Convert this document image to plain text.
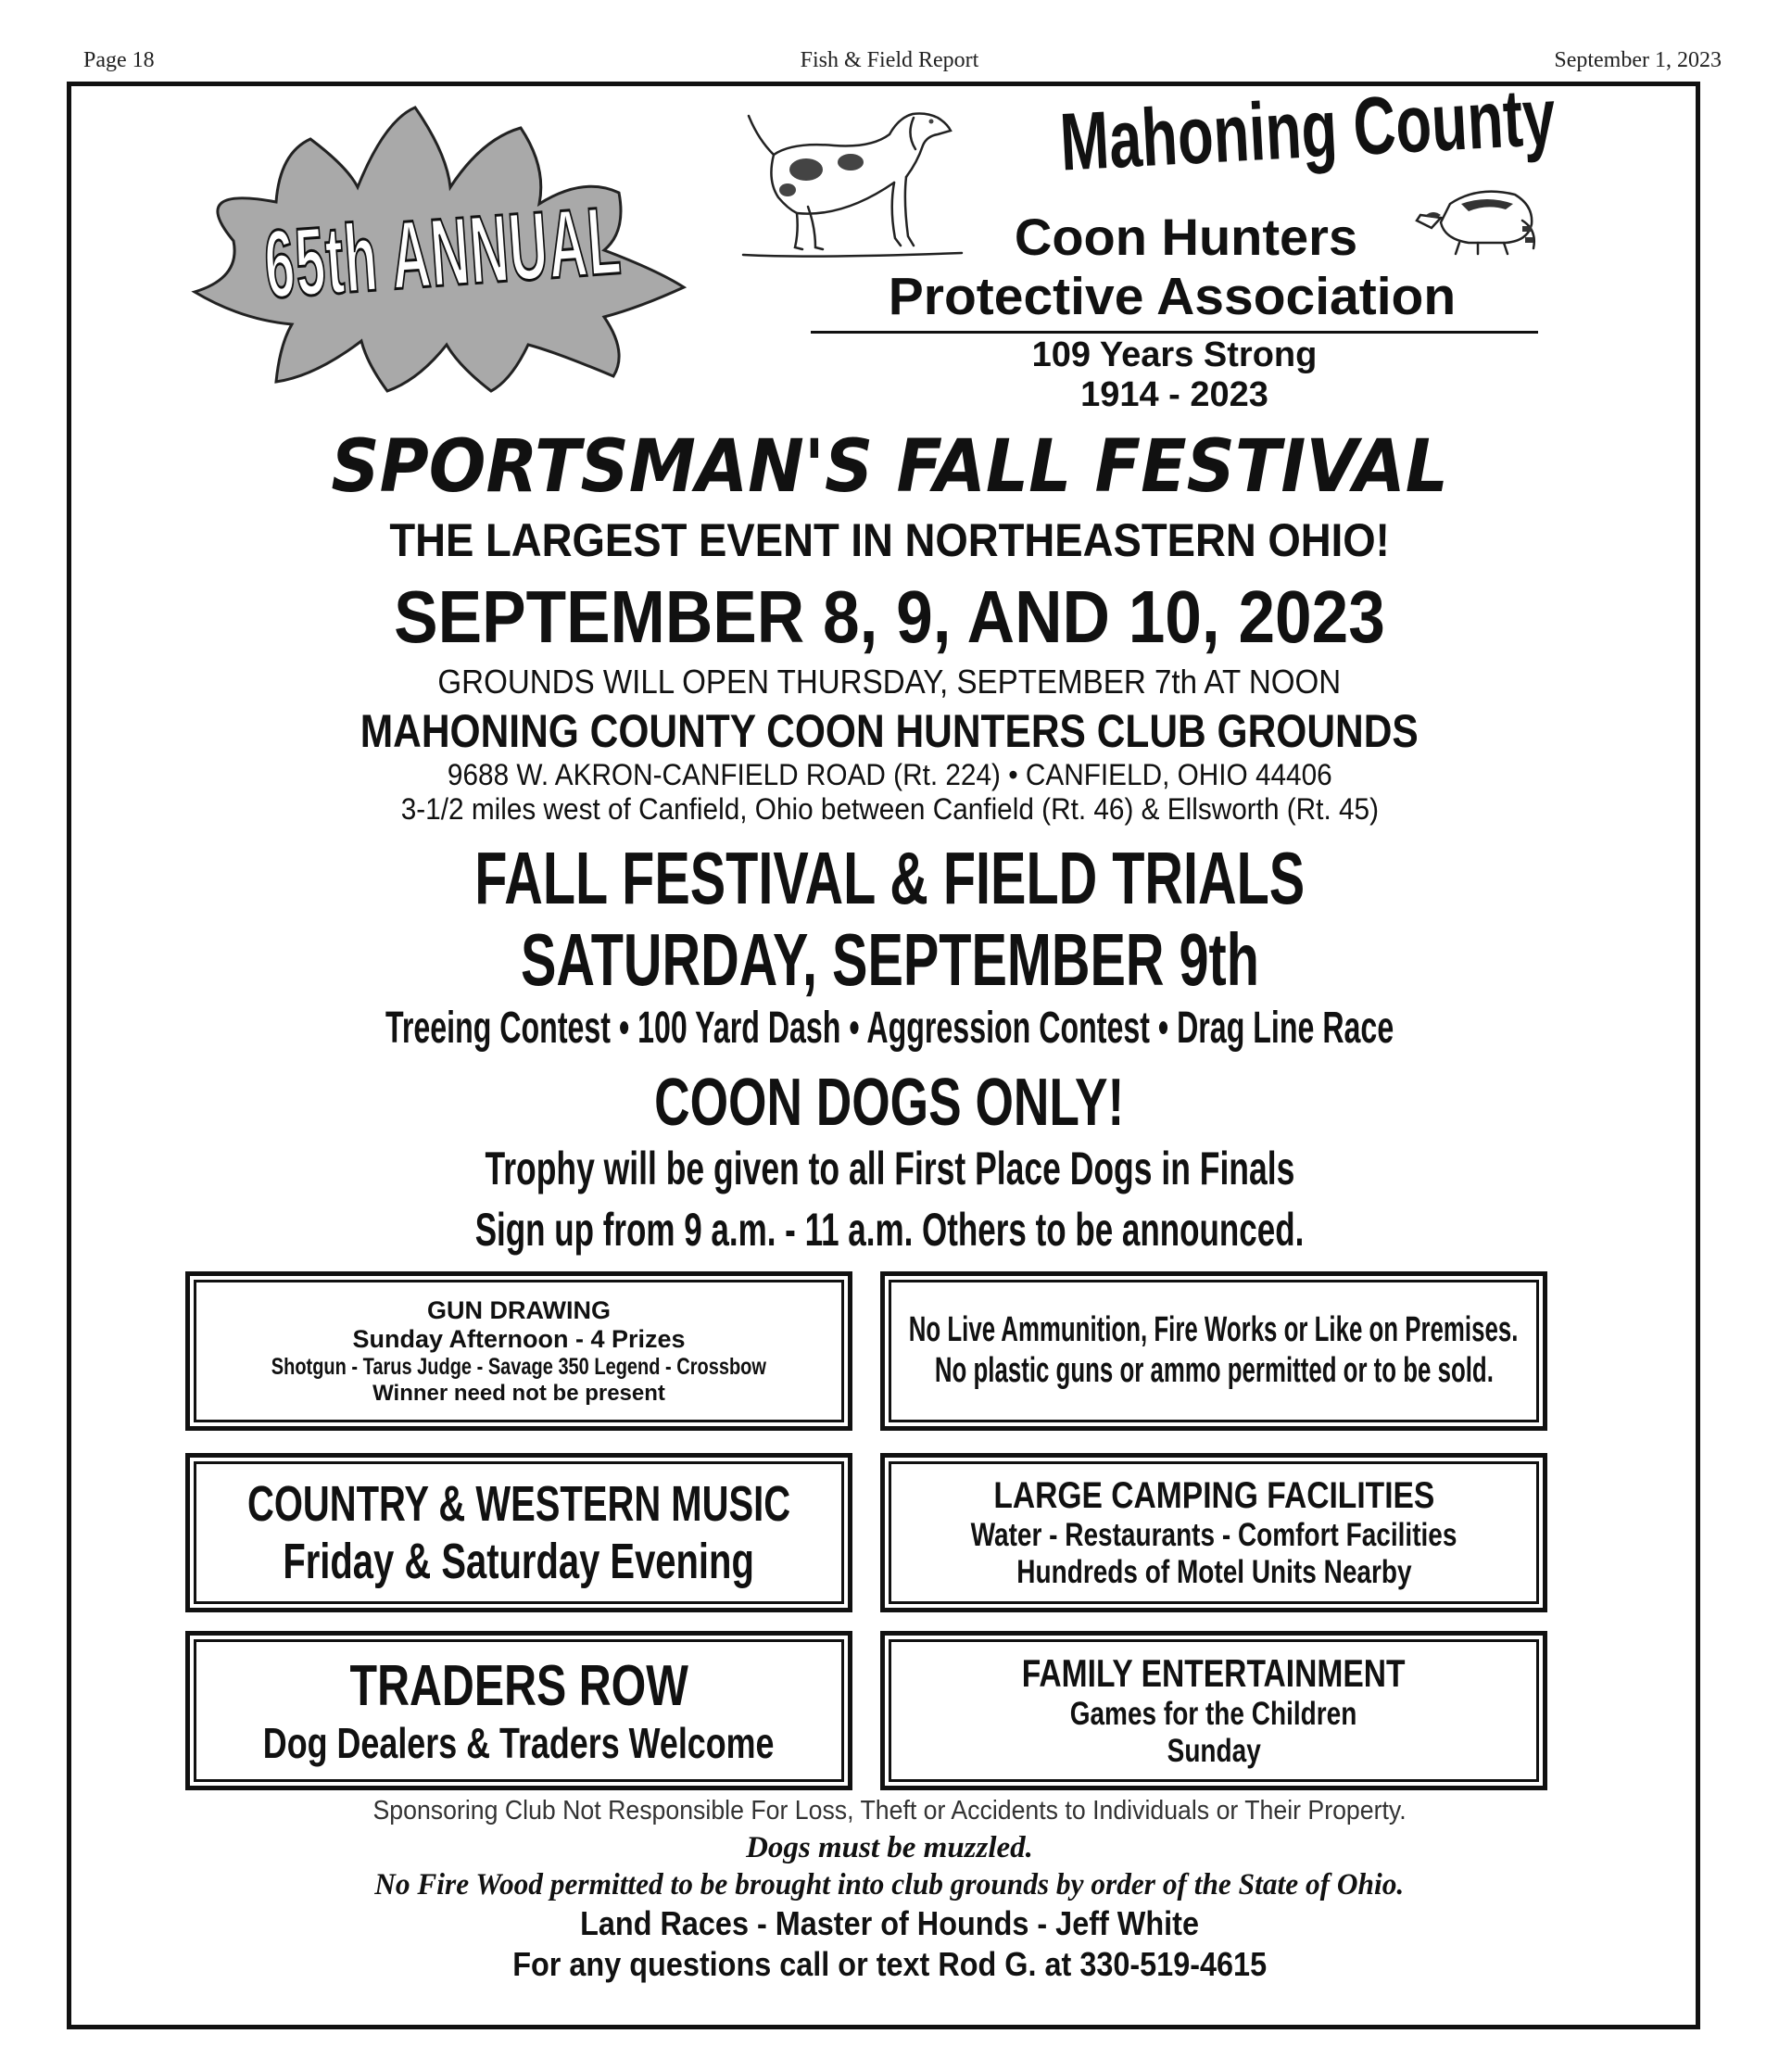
Page 18	Fish & Field Report	September 1, 2023
65th ANNUAL
Mahoning County
Coon Hunters
Protective Association
109 Years Strong
1914 - 2023
SPORTSMAN'S FALL FESTIVAL
THE LARGEST EVENT IN NORTHEASTERN OHIO!
SEPTEMBER 8, 9, AND 10, 2023
GROUNDS WILL OPEN THURSDAY, SEPTEMBER 7th AT NOON
MAHONING COUNTY COON HUNTERS CLUB GROUNDS
9688 W. AKRON-CANFIELD ROAD (Rt. 224) • CANFIELD, OHIO 44406
3-1/2 miles west of Canfield, Ohio between Canfield (Rt. 46) & Ellsworth (Rt. 45)
FALL FESTIVAL & FIELD TRIALS
SATURDAY, SEPTEMBER 9th
Treeing Contest • 100 Yard Dash • Aggression Contest • Drag Line Race
COON DOGS ONLY!
Trophy will be given to all First Place Dogs in Finals
Sign up from 9 a.m. - 11 a.m. Others to be announced.
GUN DRAWING
Sunday Afternoon - 4 Prizes
Shotgun - Tarus Judge - Savage 350 Legend - Crossbow
Winner need not be present
No Live Ammunition, Fire Works or Like on Premises.
No plastic guns or ammo permitted or to be sold.
COUNTRY & WESTERN MUSIC
Friday & Saturday Evening
LARGE CAMPING FACILITIES
Water - Restaurants - Comfort Facilities
Hundreds of Motel Units Nearby
TRADERS ROW
Dog Dealers & Traders Welcome
FAMILY ENTERTAINMENT
Games for the Children
Sunday
Sponsoring Club Not Responsible For Loss, Theft or Accidents to Individuals or Their Property.
Dogs must be muzzled.
No Fire Wood permitted to be brought into club grounds by order of the State of Ohio.
Land Races - Master of Hounds - Jeff White
For any questions call or text Rod G. at 330-519-4615
